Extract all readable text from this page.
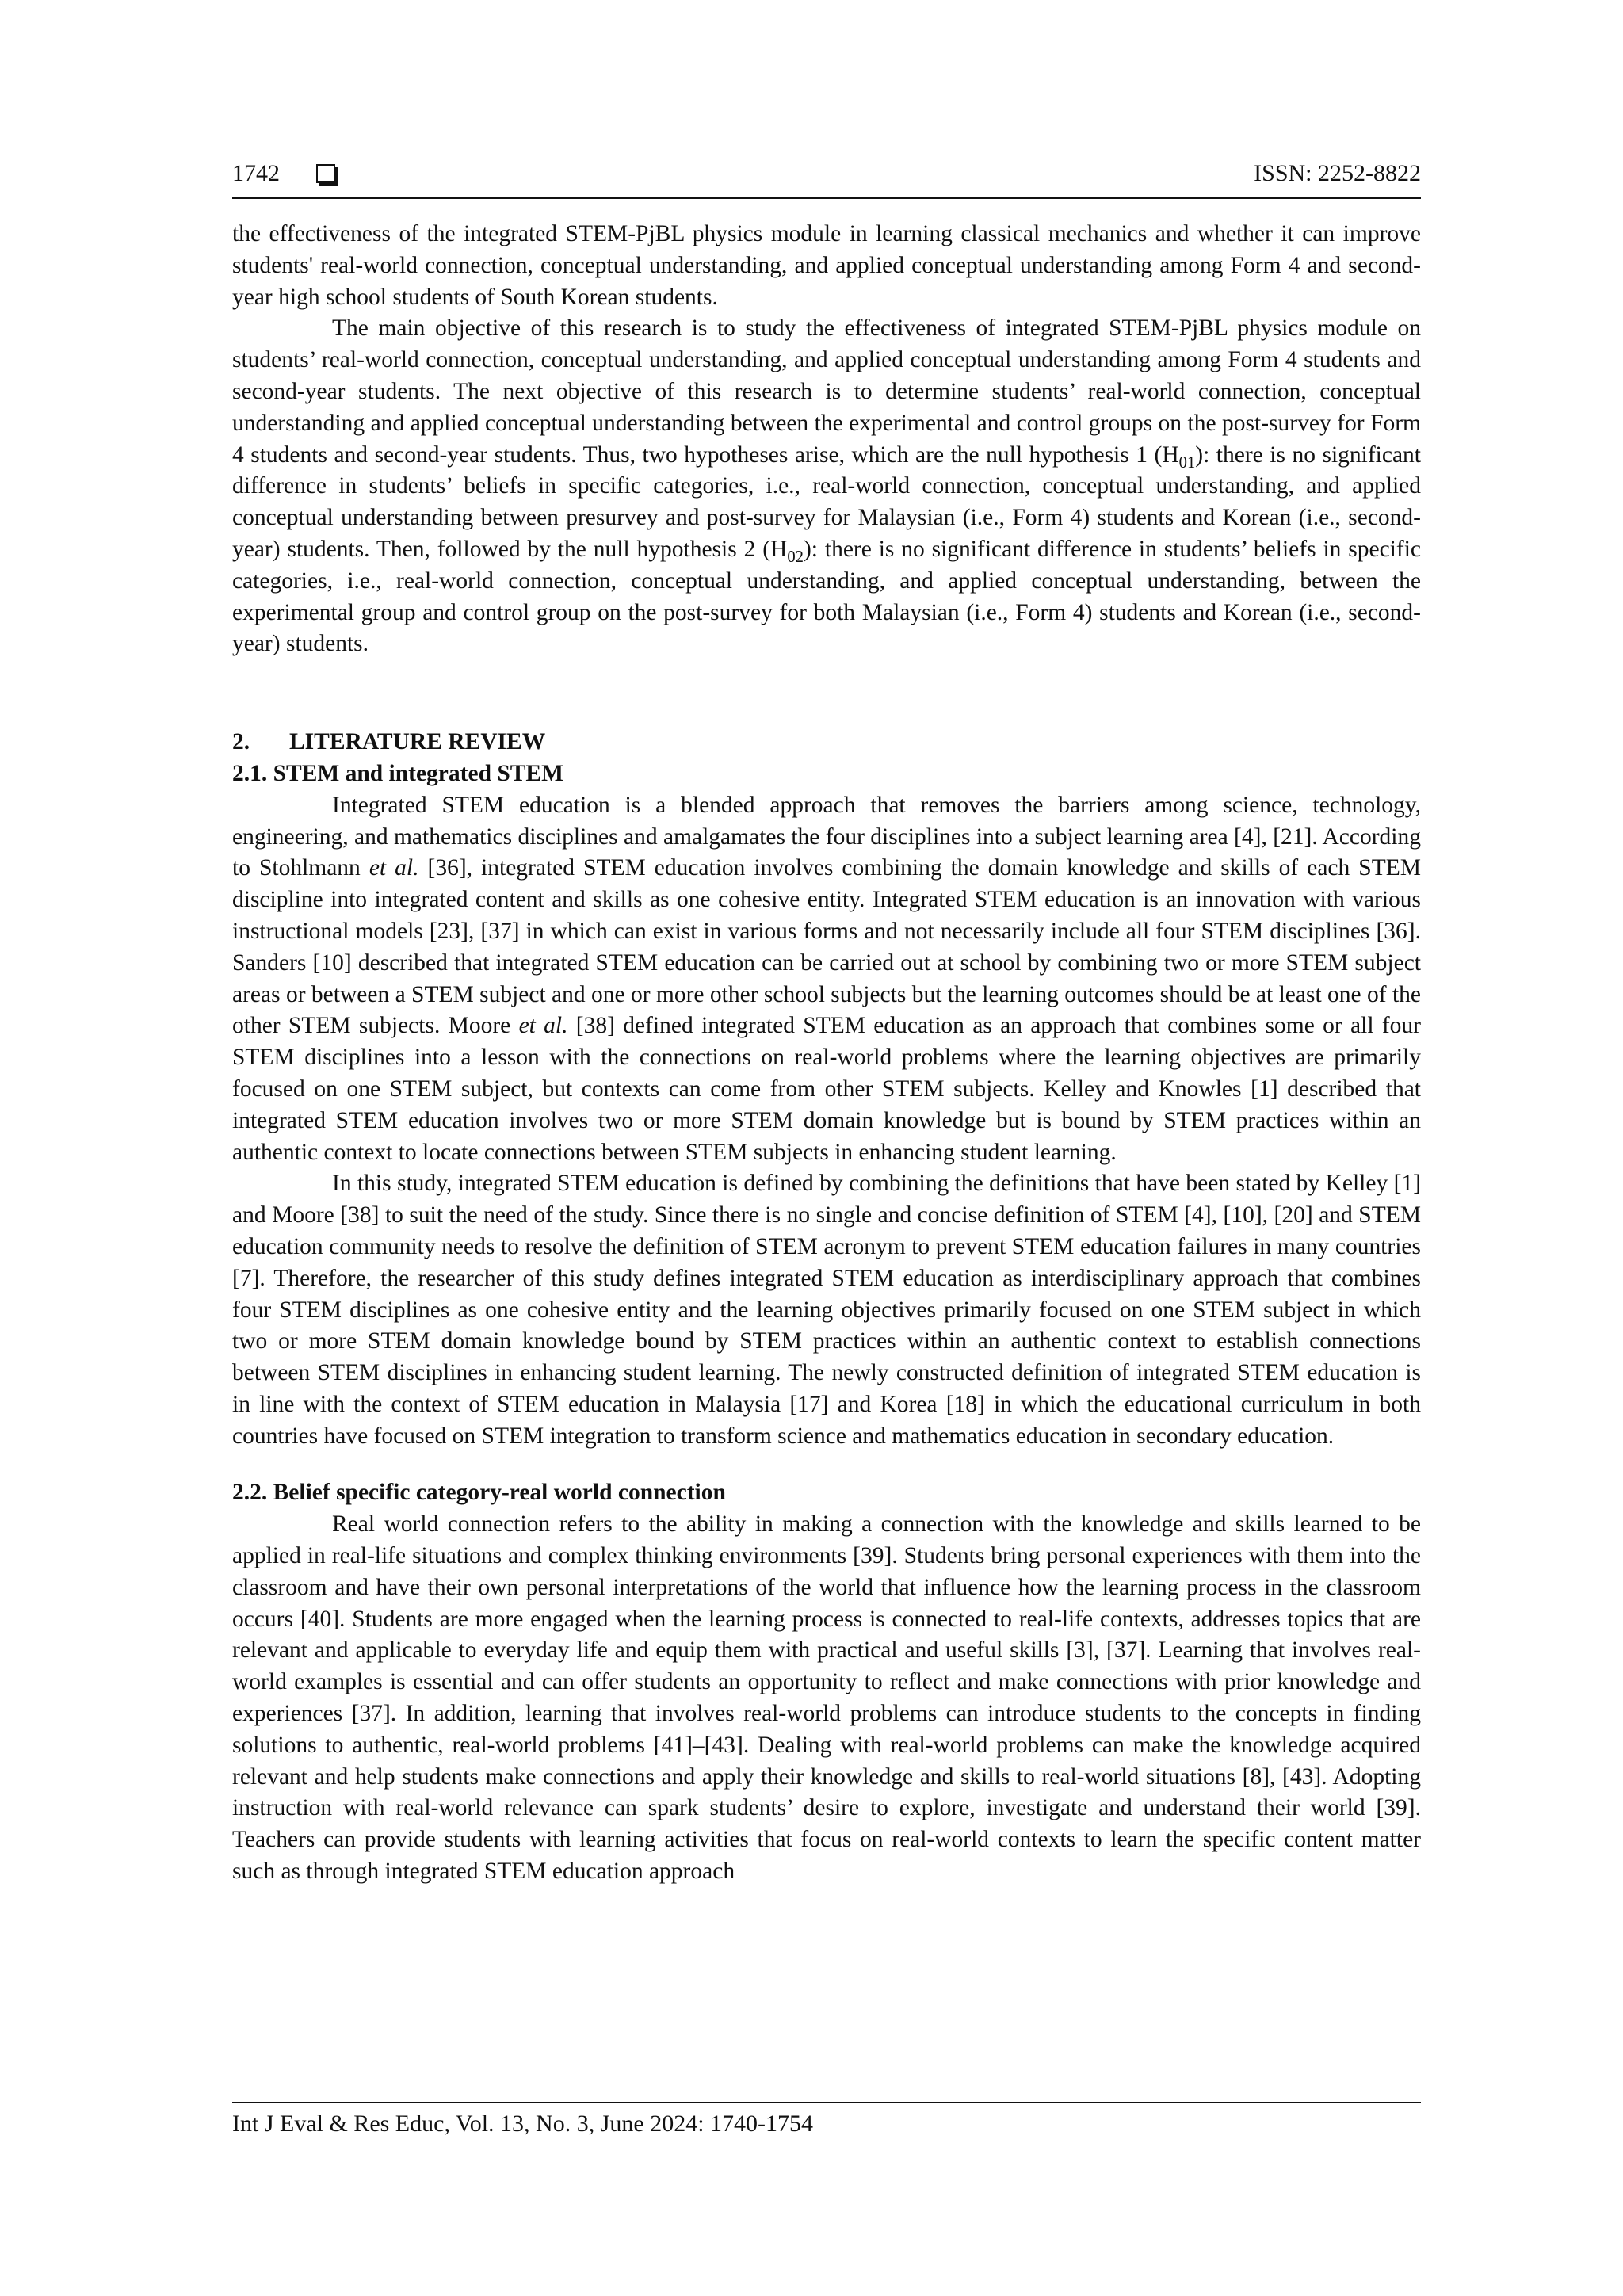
1742	ISSN: 2252-8822

the effectiveness of the integrated STEM-PjBL physics module in learning classical mechanics and whether it can improve students' real-world connection, conceptual understanding, and applied conceptual understanding among Form 4 and second-year high school students of South Korean students.

The main objective of this research is to study the effectiveness of integrated STEM-PjBL physics module on students’ real-world connection, conceptual understanding, and applied conceptual understanding among Form 4 students and second-year students. The next objective of this research is to determine students’ real-world connection, conceptual understanding and applied conceptual understanding between the experimental and control groups on the post-survey for Form 4 students and second-year students. Thus, two hypotheses arise, which are the null hypothesis 1 $(H_{01})$: there is no significant difference in students’ beliefs in specific categories, i.e., real-world connection, conceptual understanding, and applied conceptual understanding between presurvey and post-survey for Malaysian (i.e., Form 4) students and Korean (i.e., second-year) students. Then, followed by the null hypothesis 2 $(H_{02})$: there is no significant difference in students’ beliefs in specific categories, i.e., real-world connection, conceptual understanding, and applied conceptual understanding, between the experimental group and control group on the post-survey for both Malaysian (i.e., Form 4) students and Korean (i.e., second-year) students.

2. LITERATURE REVIEW

2.1. STEM and integrated STEM

Integrated STEM education is a blended approach that removes the barriers among science, technology, engineering, and mathematics disciplines and amalgamates the four disciplines into a subject learning area [4], [21]. According to Stohlmann et al. [36], integrated STEM education involves combining the domain knowledge and skills of each STEM discipline into integrated content and skills as one cohesive entity. Integrated STEM education is an innovation with various instructional models [23], [37] in which can exist in various forms and not necessarily include all four STEM disciplines [36]. Sanders [10] described that integrated STEM education can be carried out at school by combining two or more STEM subject areas or between a STEM subject and one or more other school subjects but the learning outcomes should be at least one of the other STEM subjects. Moore et al. [38] defined integrated STEM education as an approach that combines some or all four STEM disciplines into a lesson with the connections on real-world problems where the learning objectives are primarily focused on one STEM subject, but contexts can come from other STEM subjects. Kelley and Knowles [1] described that integrated STEM education involves two or more STEM domain knowledge but is bound by STEM practices within an authentic context to locate connections between STEM subjects in enhancing student learning.

In this study, integrated STEM education is defined by combining the definitions that have been stated by Kelley [1] and Moore [38] to suit the need of the study. Since there is no single and concise definition of STEM [4], [10], [20] and STEM education community needs to resolve the definition of STEM acronym to prevent STEM education failures in many countries [7]. Therefore, the researcher of this study defines integrated STEM education as interdisciplinary approach that combines four STEM disciplines as one cohesive entity and the learning objectives primarily focused on one STEM subject in which two or more STEM domain knowledge bound by STEM practices within an authentic context to establish connections between STEM disciplines in enhancing student learning. The newly constructed definition of integrated STEM education is in line with the context of STEM education in Malaysia [17] and Korea [18] in which the educational curriculum in both countries have focused on STEM integration to transform science and mathematics education in secondary education.

2.2. Belief specific category-real world connection

Real world connection refers to the ability in making a connection with the knowledge and skills learned to be applied in real-life situations and complex thinking environments [39]. Students bring personal experiences with them into the classroom and have their own personal interpretations of the world that influence how the learning process in the classroom occurs [40]. Students are more engaged when the learning process is connected to real-life contexts, addresses topics that are relevant and applicable to everyday life and equip them with practical and useful skills [3], [37]. Learning that involves real-world examples is essential and can offer students an opportunity to reflect and make connections with prior knowledge and experiences [37]. In addition, learning that involves real-world problems can introduce students to the concepts in finding solutions to authentic, real-world problems [41]–[43]. Dealing with real-world problems can make the knowledge acquired relevant and help students make connections and apply their knowledge and skills to real-world situations [8], [43]. Adopting instruction with real-world relevance can spark students’ desire to explore, investigate and understand their world [39]. Teachers can provide students with learning activities that focus on real-world contexts to learn the specific content matter such as through integrated STEM education approach

Int J Eval & Res Educ, Vol. 13, No. 3, June 2024: 1740-1754
